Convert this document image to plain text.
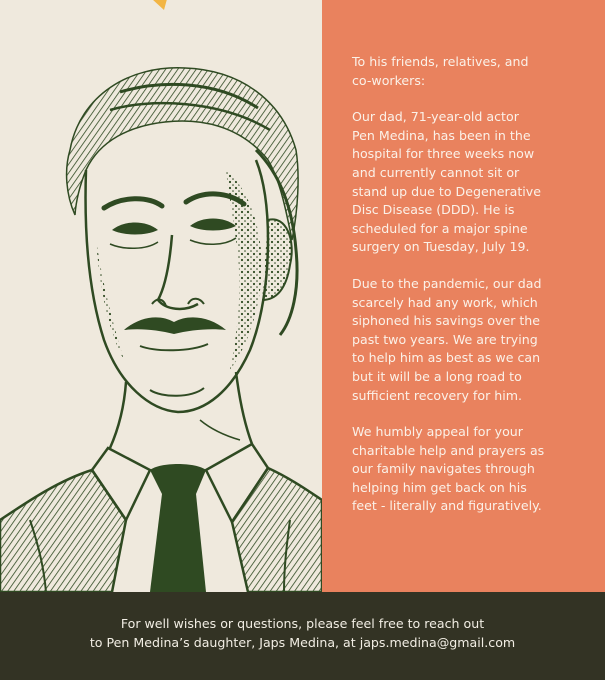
To his friends, relatives, and
co-workers:

Our dad, 71-year-old actor
Pen Medina, has been in the
hospital for three weeks now
and currently cannot sit or
stand up due to Degenerative
Disc Disease (DDD). He is
scheduled for a major spine
surgery on Tuesday, July 19.

Due to the pandemic, our dad
scarcely had any work, which
siphoned his savings over the
past two years. We are trying
to help him as best as we can
but it will be a long road to
sufficient recovery for him.

We humbly appeal for your
charitable help and prayers as
our family navigates through
helping him get back on his
feet - literally and figuratively.

For well wishes or questions, please feel free to reach out
to Pen Medina’s daughter, Japs Medina, at japs.medina@gmail.com
